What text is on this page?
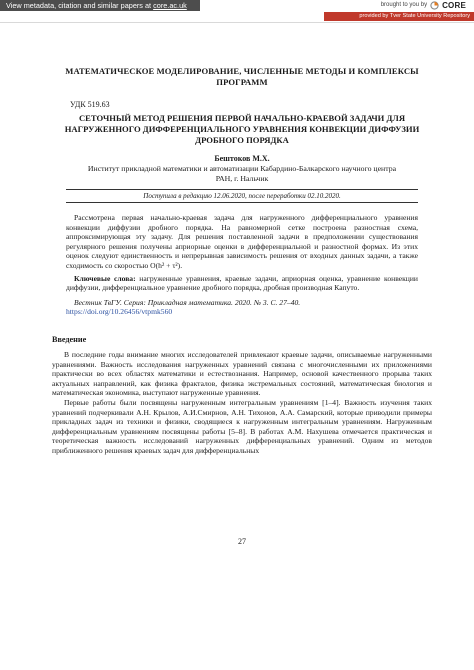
View metadata, citation and similar papers at core.ac.uk	brought to you by CORE
provided by Tver State University Repository
МАТЕМАТИЧЕСКОЕ МОДЕЛИРОВАНИЕ, ЧИСЛЕННЫЕ МЕТОДЫ И КОМПЛЕКСЫ ПРОГРАММ
УДК 519.63
СЕТОЧНЫЙ МЕТОД РЕШЕНИЯ ПЕРВОЙ НАЧАЛЬНО-КРАЕВОЙ ЗАДАЧИ ДЛЯ НАГРУЖЕННОГО ДИФФЕРЕНЦИАЛЬНОГО УРАВНЕНИЯ КОНВЕКЦИИ ДИФФУЗИИ ДРОБНОГО ПОРЯДКА
Бештоков М.Х.
Институт прикладной математики и автоматизации Кабардино-Балкарского научного центра РАН, г. Нальчик
Поступила в редакцию 12.06.2020, после переработки 02.10.2020.
Рассмотрена первая начально-краевая задача для нагруженного дифференциального уравнения конвекции диффузии дробного порядка. На равномерной сетке построена разностная схема, аппроксимирующая эту задачу. Для решения поставленной задачи в предположении существования регулярного решения получены априорные оценки в дифференциальной и разностной формах. Из этих оценок следуют единственность и непрерывная зависимость решения от входных данных задачи, а также сходимость со скоростью O(h² + τ²).
Ключевые слова: нагруженные уравнения, краевые задачи, априорная оценка, уравнение конвекции диффузии, дифференциальное уравнение дробного порядка, дробная производная Капуто.
Вестник ТвГУ. Серия: Прикладная математика. 2020. № 3. С. 27–40.
https://doi.org/10.26456/vtpmk560
Введение

В последние годы внимание многих исследователей привлекают краевые задачи, описываемые нагруженными уравнениями. Важность исследования нагруженных уравнений связана с многочисленными их приложениями практически во всех областях математики и естествознания. Например, основой качественного прорыва таких актуальных направлений, как физика фракталов, физика экстремальных состояний, математическая биология и математическая экономика, выступают нагруженные уравнения.

Первые работы были посвящены нагруженным интегральным уравнениям [1–4]. Важность изучения таких уравнений подчеркивали А.Н. Крылов, А.И.Смирнов, А.Н. Тихонов, А.А. Самарский, которые приводили примеры прикладных задач из техники и физики, сводящиеся к нагруженным интегральным уравнениям. Нагруженным дифференциальным уравнениям посвящены работы [5–8]. В работах А.М. Нахушева отмечается практическая и теоретическая важность исследований нагруженных дифференциальных уравнений. Одним из методов приближенного решения краевых задач для дифференциальных

27
